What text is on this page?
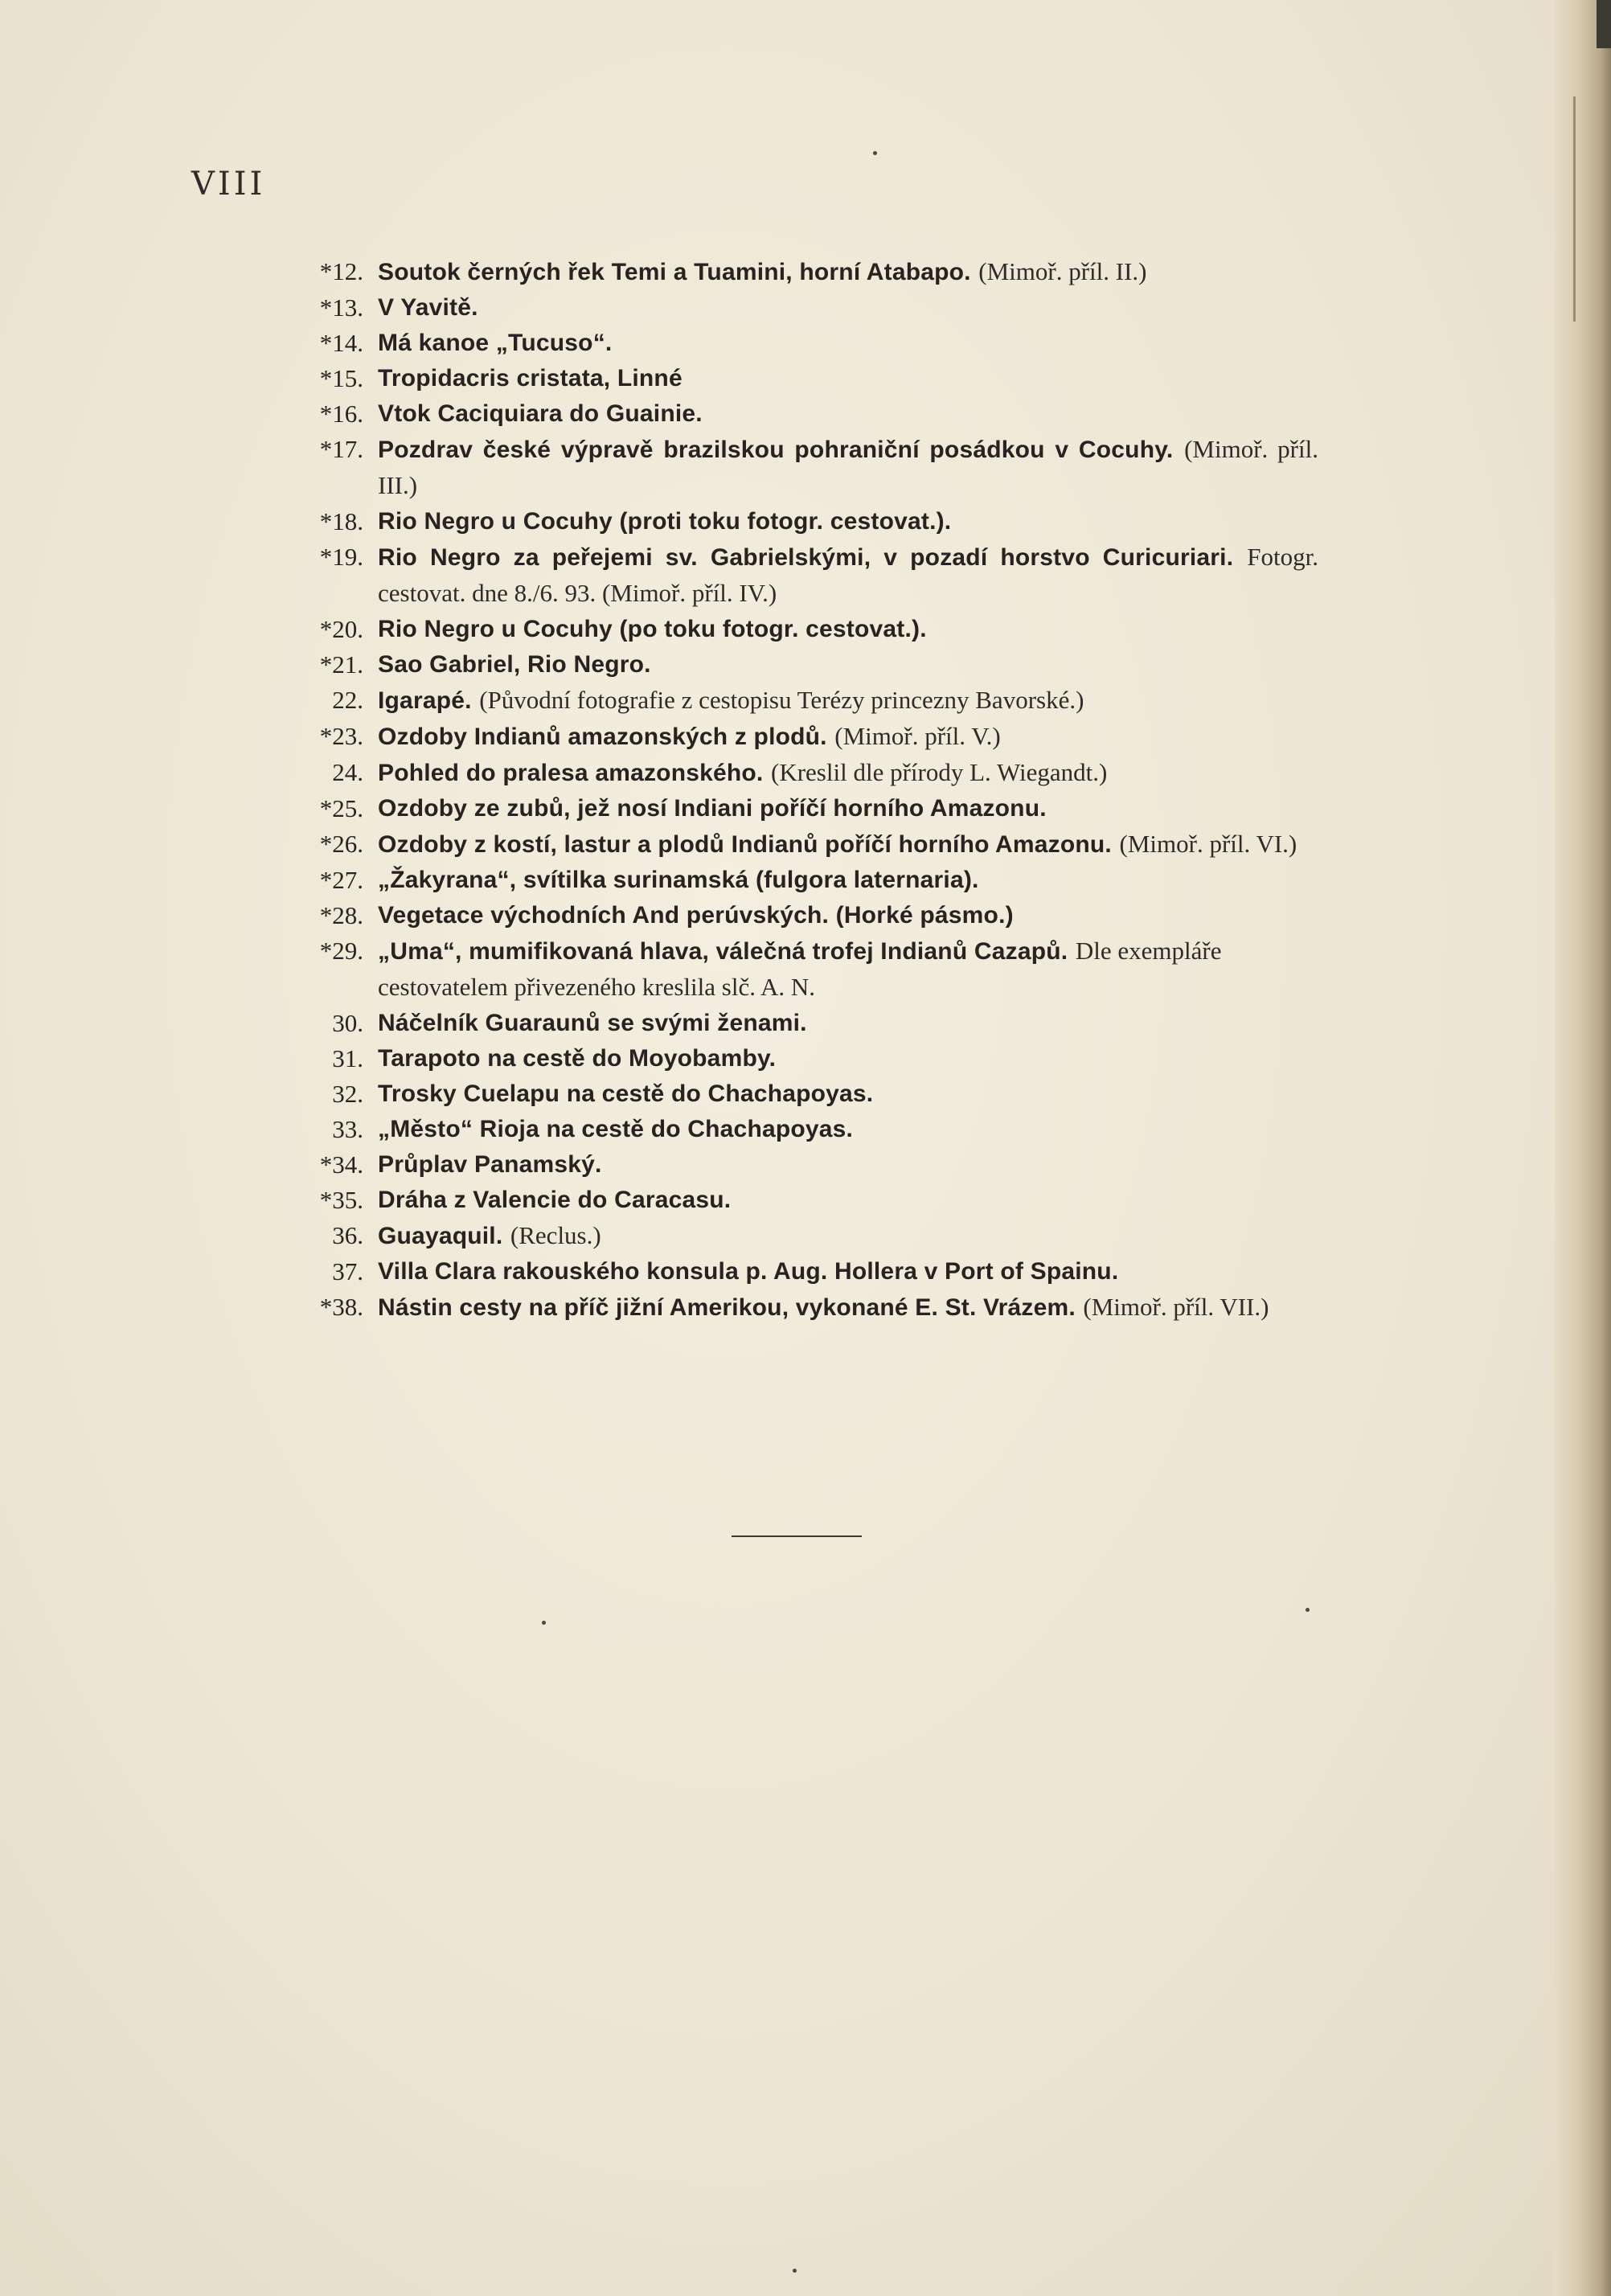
VIII
*12. Soutok černých řek Temi a Tuamini, horní Atabapo. (Mimoř. příl. II.)
*13. V Yavitě.
*14. Má kanoe „Tucuso“.
*15. Tropidacris cristata, Linné
*16. Vtok Caciquiara do Guainie.
*17. Pozdrav české výpravě brazilskou pohraniční posádkou v Cocuhy. (Mimoř. příl. III.)
*18. Rio Negro u Cocuhy (proti toku fotogr. cestovat.).
*19. Rio Negro za peřejemi sv. Gabrielskými, v pozadí horstvo Curicuriari. Fotogr. cestovat. dne 8./6. 93. (Mimoř. příl. IV.)
*20. Rio Negro u Cocuhy (po toku fotogr. cestovat.).
*21. Sao Gabriel, Rio Negro.
22. Igarapé. (Původní fotografie z cestopisu Terézy princezny Bavorské.)
*23. Ozdoby Indianů amazonských z plodů. (Mimoř. příl. V.)
24. Pohled do pralesa amazonského. (Kreslil dle přírody L. Wiegandt.)
*25. Ozdoby ze zubů, jež nosí Indiani poříčí horního Amazonu.
*26. Ozdoby z kostí, lastur a plodů Indianů poříčí horního Amazonu. (Mimoř. příl. VI.)
*27. „Žakyrana“, svítilka surinamská (fulgora laternaria).
*28. Vegetace východních And perúvských. (Horké pásmo.)
*29. „Uma“, mumifikovaná hlava, válečná trofej Indianů Cazapů. Dle exempláře cestovatelem přivezeného kreslila slč. A. N.
30. Náčelník Guaraunů se svými ženami.
31. Tarapoto na cestě do Moyobamby.
32. Trosky Cuelapu na cestě do Chachapoyas.
33. „Město“ Rioja na cestě do Chachapoyas.
*34. Průplav Panamský.
*35. Dráha z Valencie do Caracasu.
36. Guayaquil. (Reclus.)
37. Villa Clara rakouského konsula p. Aug. Hollera v Port of Spainu.
*38. Nástin cesty na příč jižní Amerikou, vykonané E. St. Vrázem. (Mimoř. příl. VII.)
